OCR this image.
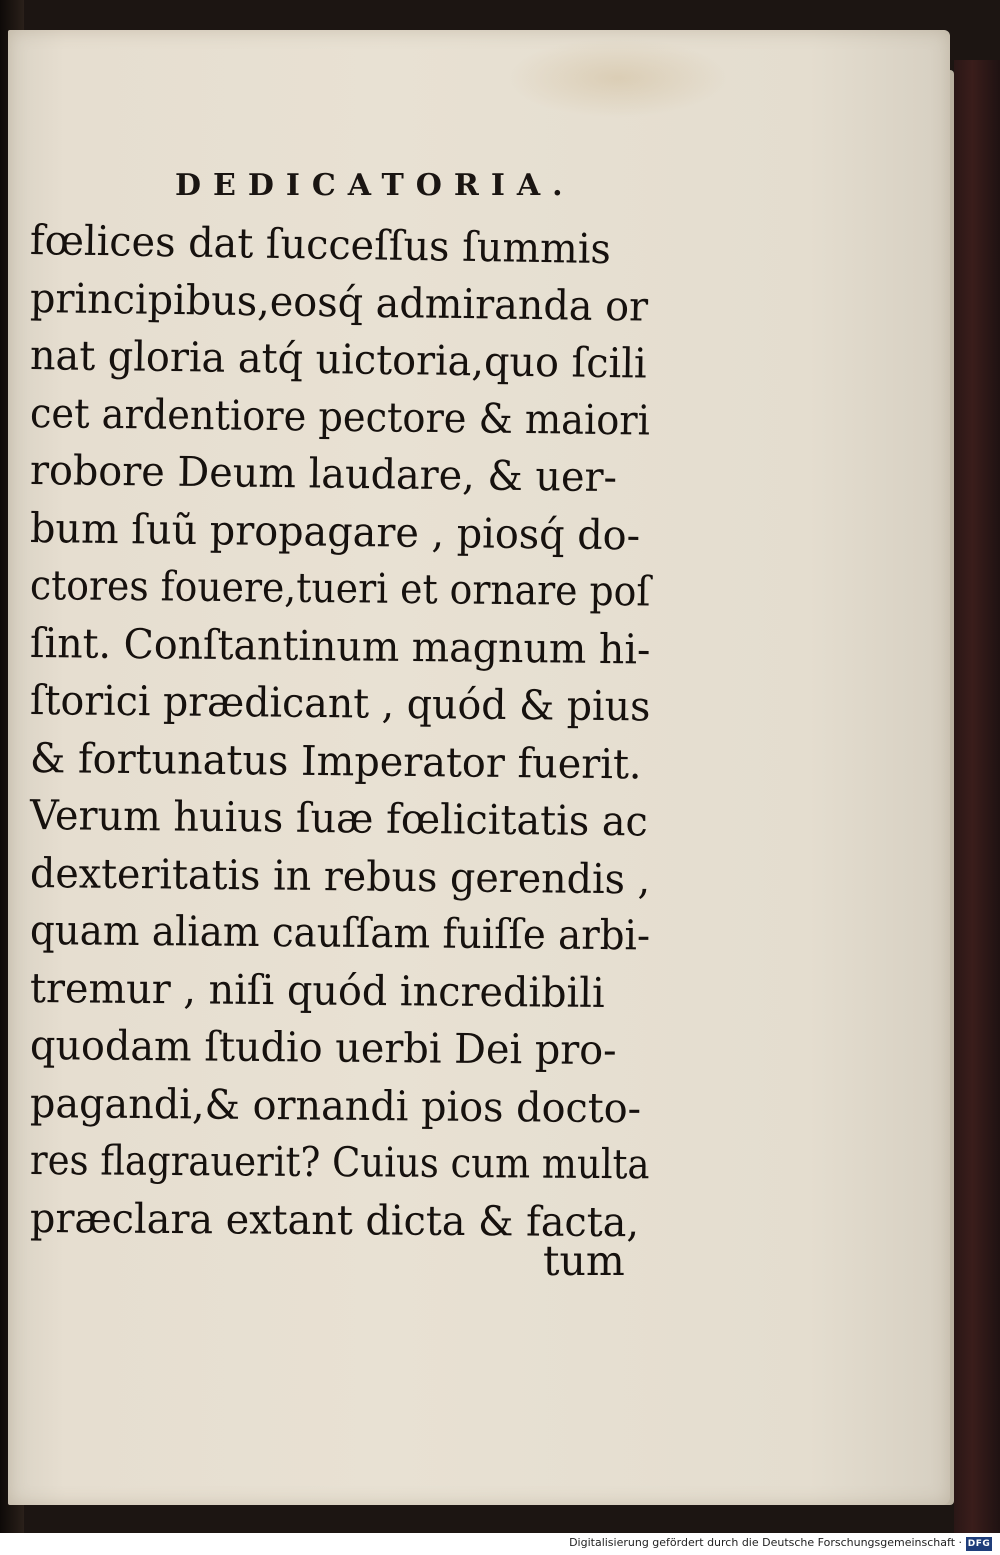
DEDICATORIA.
fœlices dat ſucceſſus ſummis
principibus,eosq́ admiranda or
nat gloria atq́ uictoria,quo ſcili
cet ardentiore pectore & maiori
robore Deum laudare, & uer-
bum ſuũ propagare , piosq́ do-
ctores fouere,tueri et ornare poſ
ſint. Conſtantinum magnum hi-
ſtorici prædicant , quód & pius
& fortunatus Imperator fuerit.
Verum huius ſuæ fœlicitatis ac
dexteritatis in rebus gerendis ,
quam aliam cauſſam fuiſſe arbi-
tremur , niſi quód incredibili
quodam ſtudio uerbi Dei pro-
pagandi,& ornandi pios docto-
res flagrauerit? Cuius cum multa
præclara extant dicta & facta,
tum
Digitalisierung gefördert durch die Deutsche Forschungsgemeinschaft · DFG
